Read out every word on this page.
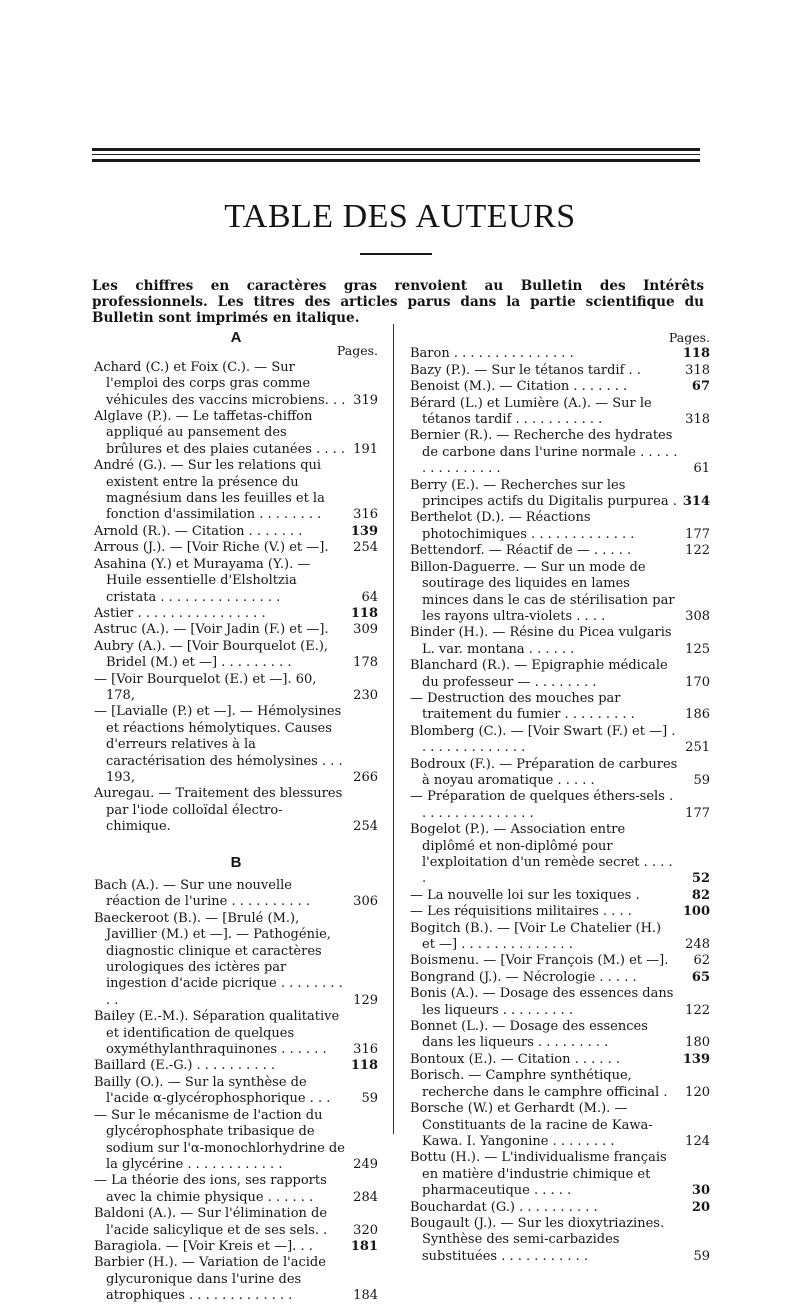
TABLE DES AUTEURS
Les chiffres en caractères gras renvoient au Bulletin des Intérêts professionnels. Les titres des articles parus dans la partie scientifique du Bulletin sont imprimés en italique.
A
Pages.
Achard (C.) et Foix (C.). — Sur l'emploi des corps gras comme véhicules des vaccins microbiens. . . 319
Alglave (P.). — Le taffetas-chiffon appliqué au pansement des brûlures et des plaies cutanées . . . . 191
André (G.). — Sur les relations qui existent entre la présence du magnésium dans les feuilles et la fonction d'assimilation . . . . . . . .	316
Arnold (R.). — Citation . . . . . . .	139
Arrous (J.). — [Voir Riche (V.) et —].	254
Asahina (Y.) et Murayama (Y.). — Huile essentielle d'Elsholtzia cristata . . . . . . . . . . . . . . .	64
Astier . . . . . . . . . . . . . . . .	118
Astruc (A.). — [Voir Jadin (F.) et —].	309
Aubry (A.). — [Voir Bourquelot (E.), Bridel (M.) et —] . . . . . . . . .	178
— [Voir Bourquelot (E.) et —]. 60, 178,	230
— [Lavialle (P.) et —]. — Hémolysines et réactions hémolytiques. Causes d'erreurs relatives à la caractérisation des hémolysines . . . 193,	266
Auregau. — Traitement des blessures par l'iode colloïdal électro-chimique.	254
B
Bach (A.). — Sur une nouvelle réaction de l'urine . . . . . . . . . .	306
Baeckeroot (B.). — [Brulé (M.), Javillier (M.) et —]. — Pathogénie, diagnostic clinique et caractères urologiques des ictères par ingestion d'acide picrique . . . . . . . . . .	129
Bailey (E.-M.). Séparation qualitative et identification de quelques oxyméthylanthraquinones . . . . . .	316
Baillard (E.-G.) . . . . . . . . . .	118
Bailly (O.). — Sur la synthèse de l'acide α-glycérophosphorique . . .	59
— Sur le mécanisme de l'action du glycérophosphate tribasique de sodium sur l'α-monochlorhydrine de la glycérine . . . . . . . . . . . .	249
— La théorie des ions, ses rapports avec la chimie physique . . . . . .	284
Baldoni (A.). — Sur l'élimination de l'acide salicylique et de ses sels. .	320
Baragiola. — [Voir Kreis et —]. . .	181
Barbier (H.). — Variation de l'acide glycuronique dans l'urine des atrophiques . . . . . . . . . . . . .	184
Pages.
Baron . . . . . . . . . . . . . . .	118
Bazy (P.). — Sur le tétanos tardif . .	318
Benoist (M.). — Citation . . . . . . .	67
Bérard (L.) et Lumière (A.). — Sur le tétanos tardif . . . . . . . . . . .	318
Bernier (R.). — Recherche des hydrates de carbone dans l'urine normale . . . . . . . . . . . . . . .	61
Berry (E.). — Recherches sur les principes actifs du Digitalis purpurea . 314
Berthelot (D.). — Réactions photochimiques . . . . . . . . . . . . .	177
Bettendorf. — Réactif de — . . . . .	122
Billon-Daguerre. — Sur un mode de soutirage des liquides en lames minces dans le cas de stérilisation par les rayons ultra-violets . . . .	308
Binder (H.). — Résine du Picea vulgaris L. var. montana . . . . . .	125
Blanchard (R.). — Epigraphie médicale du professeur — . . . . . . . .	170
— Destruction des mouches par traitement du fumier . . . . . . . . .	186
Blomberg (C.). — [Voir Swart (F.) et —] . . . . . . . . . . . . . .	251
Bodroux (F.). — Préparation de carbures à noyau aromatique . . . . .	59
— Préparation de quelques éthers-sels . . . . . . . . . . . . . . .	177
Bogelot (P.). — Association entre diplômé et non-diplômé pour l'exploitation d'un remède secret . . . . .	52
— La nouvelle loi sur les toxiques .	82
— Les réquisitions militaires . . . .	100
Bogitch (B.). — [Voir Le Chatelier (H.) et —] . . . . . . . . . . . . . .	248
Boismenu. — [Voir François (M.) et —].	62
Bongrand (J.). — Nécrologie . . . . .	65
Bonis (A.). — Dosage des essences dans les liqueurs . . . . . . . . .	122
Bonnet (L.). — Dosage des essences dans les liqueurs . . . . . . . . .	180
Bontoux (E.). — Citation . . . . . .	139
Borisch. — Camphre synthétique, recherche dans le camphre officinal .	120
Borsche (W.) et Gerhardt (M.). — Constituants de la racine de Kawa-Kawa. I. Yangonine . . . . . . . .	124
Bottu (H.). — L'individualisme français en matière d'industrie chimique et pharmaceutique . . . . .	30
Bouchardat (G.) . . . . . . . . . .	20
Bougault (J.). — Sur les dioxytriazines. Synthèse des semi-carbazides substituées . . . . . . . . . . .	59
